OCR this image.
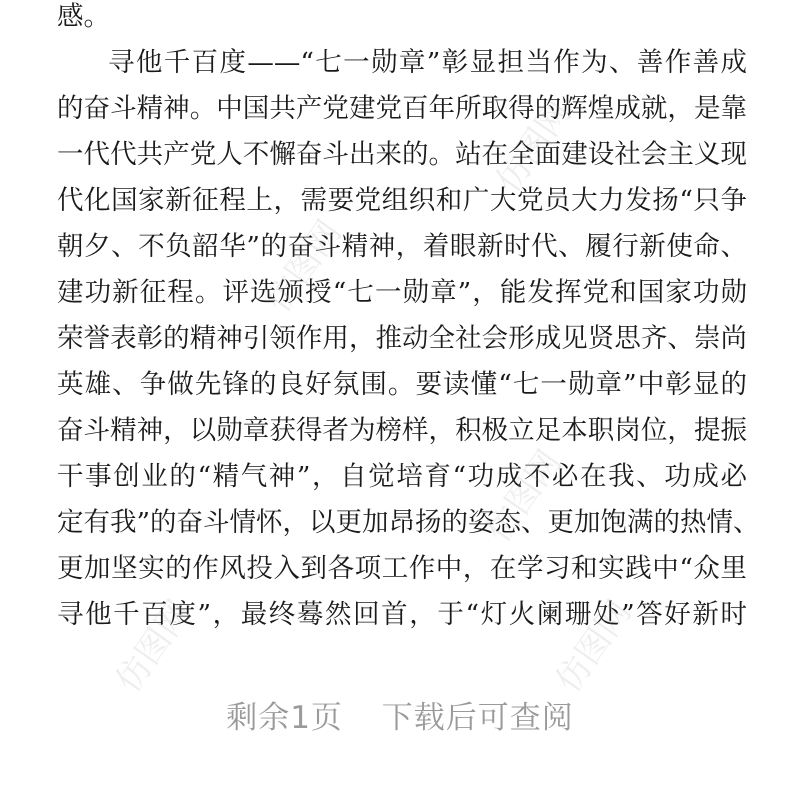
感。
寻他千百度——“七一勋章”彰显担当作为、善作善成
的奋斗精神。中国共产党建党百年所取得的辉煌成就，是靠
一代代共产党人不懈奋斗出来的。站在全面建设社会主义现
代化国家新征程上，需要党组织和广大党员大力发扬“只争
朝夕、不负韶华”的奋斗精神，着眼新时代、履行新使命、
建功新征程。评选颁授“七一勋章”，能发挥党和国家功勋
荣誉表彰的精神引领作用，推动全社会形成见贤思齐、崇尚
英雄、争做先锋的良好氛围。要读懂“七一勋章”中彰显的
奋斗精神，以勋章获得者为榜样，积极立足本职岗位，提振
干事创业的“精气神”，自觉培育“功成不必在我、功成必
定有我”的奋斗情怀，以更加昂扬的姿态、更加饱满的热情、
更加坚实的作风投入到各项工作中，在学习和实践中“众里
寻他千百度”，最终蓦然回首，于“灯火阑珊处”答好新时
仿图网
仿图网
仿图网
仿图网	仿图网
剩余1页 下载后可查阅
